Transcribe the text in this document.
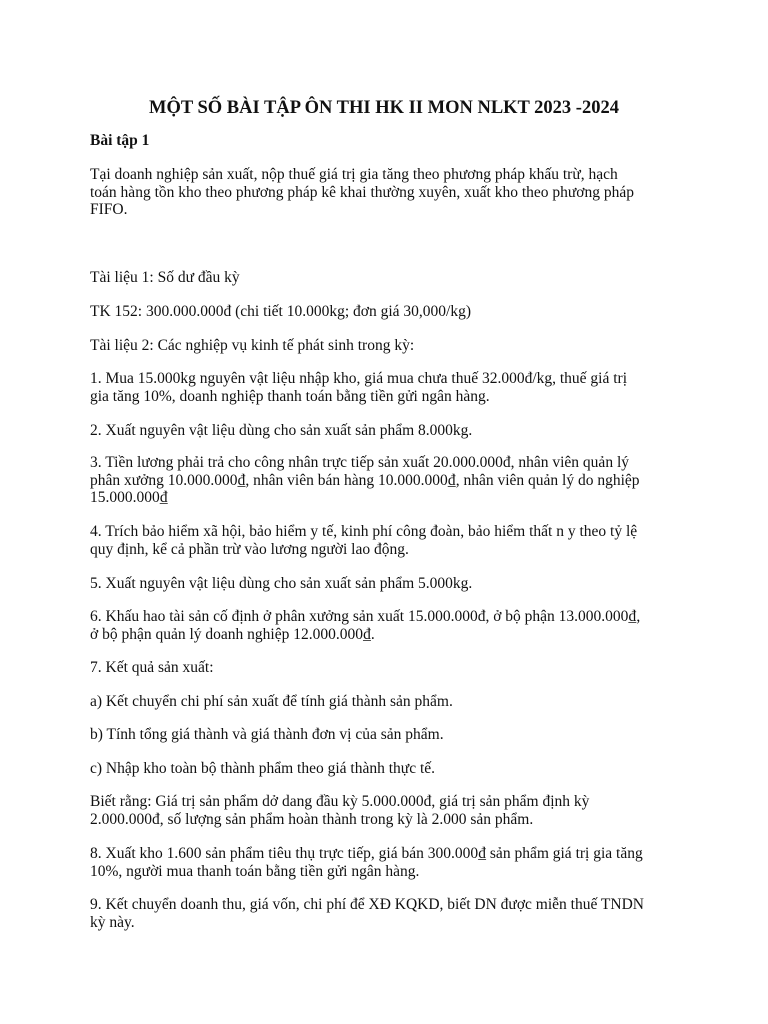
MỘT SỐ BÀI TẬP ÔN THI HK II MON NLKT 2023 -2024
Bài tập 1

Tại doanh nghiệp sản xuất, nộp thuế giá trị gia tăng theo phương pháp khấu trừ, hạch
toán hàng tồn kho theo phương pháp kê khai thường xuyên, xuất kho theo phương pháp
FIFO.

Tài liệu 1: Số dư đầu kỳ

TK 152: 300.000.000đ (chi tiết 10.000kg; đơn giá 30,000/kg)

Tài liệu 2: Các nghiệp vụ kinh tế phát sinh trong kỳ:

1. Mua 15.000kg nguyên vật liệu nhập kho, giá mua chưa thuế 32.000đ/kg, thuế giá trị
gia tăng 10%, doanh nghiệp thanh toán bằng tiền gửi ngân hàng.

2. Xuất nguyên vật liệu dùng cho sản xuất sản phẩm 8.000kg.

3. Tiền lương phải trả cho công nhân trực tiếp sản xuất 20.000.000đ, nhân viên quản lý
phân xưởng 10.000.000₫, nhân viên bán hàng 10.000.000₫, nhân viên quản lý do nghiệp
15.000.000₫

4. Trích bảo hiểm xã hội, bảo hiểm y tế, kinh phí công đoàn, bảo hiểm thất n y theo tỷ lệ
quy định, kể cả phần trừ vào lương người lao động.

5. Xuất nguyên vật liệu dùng cho sản xuất sản phẩm 5.000kg.

6. Khấu hao tài sản cố định ở phân xưởng sản xuất 15.000.000đ, ở bộ phận 13.000.000₫,
ở bộ phận quản lý doanh nghiệp 12.000.000₫.

7. Kết quả sản xuất:

a) Kết chuyển chi phí sản xuất để tính giá thành sản phẩm.

b) Tính tổng giá thành và giá thành đơn vị của sản phẩm.

c) Nhập kho toàn bộ thành phẩm theo giá thành thực tế.

Biết rằng: Giá trị sản phẩm dở dang đầu kỳ 5.000.000đ, giá trị sản phẩm định kỳ
2.000.000đ, số lượng sản phẩm hoàn thành trong kỳ là 2.000 sản phẩm.

8. Xuất kho 1.600 sản phẩm tiêu thụ trực tiếp, giá bán 300.000₫ sản phẩm giá trị gia tăng
10%, người mua thanh toán bằng tiền gửi ngân hàng.

9. Kết chuyển doanh thu, giá vốn, chi phí để XĐ KQKD, biết DN được miễn thuế TNDN
kỳ này.
